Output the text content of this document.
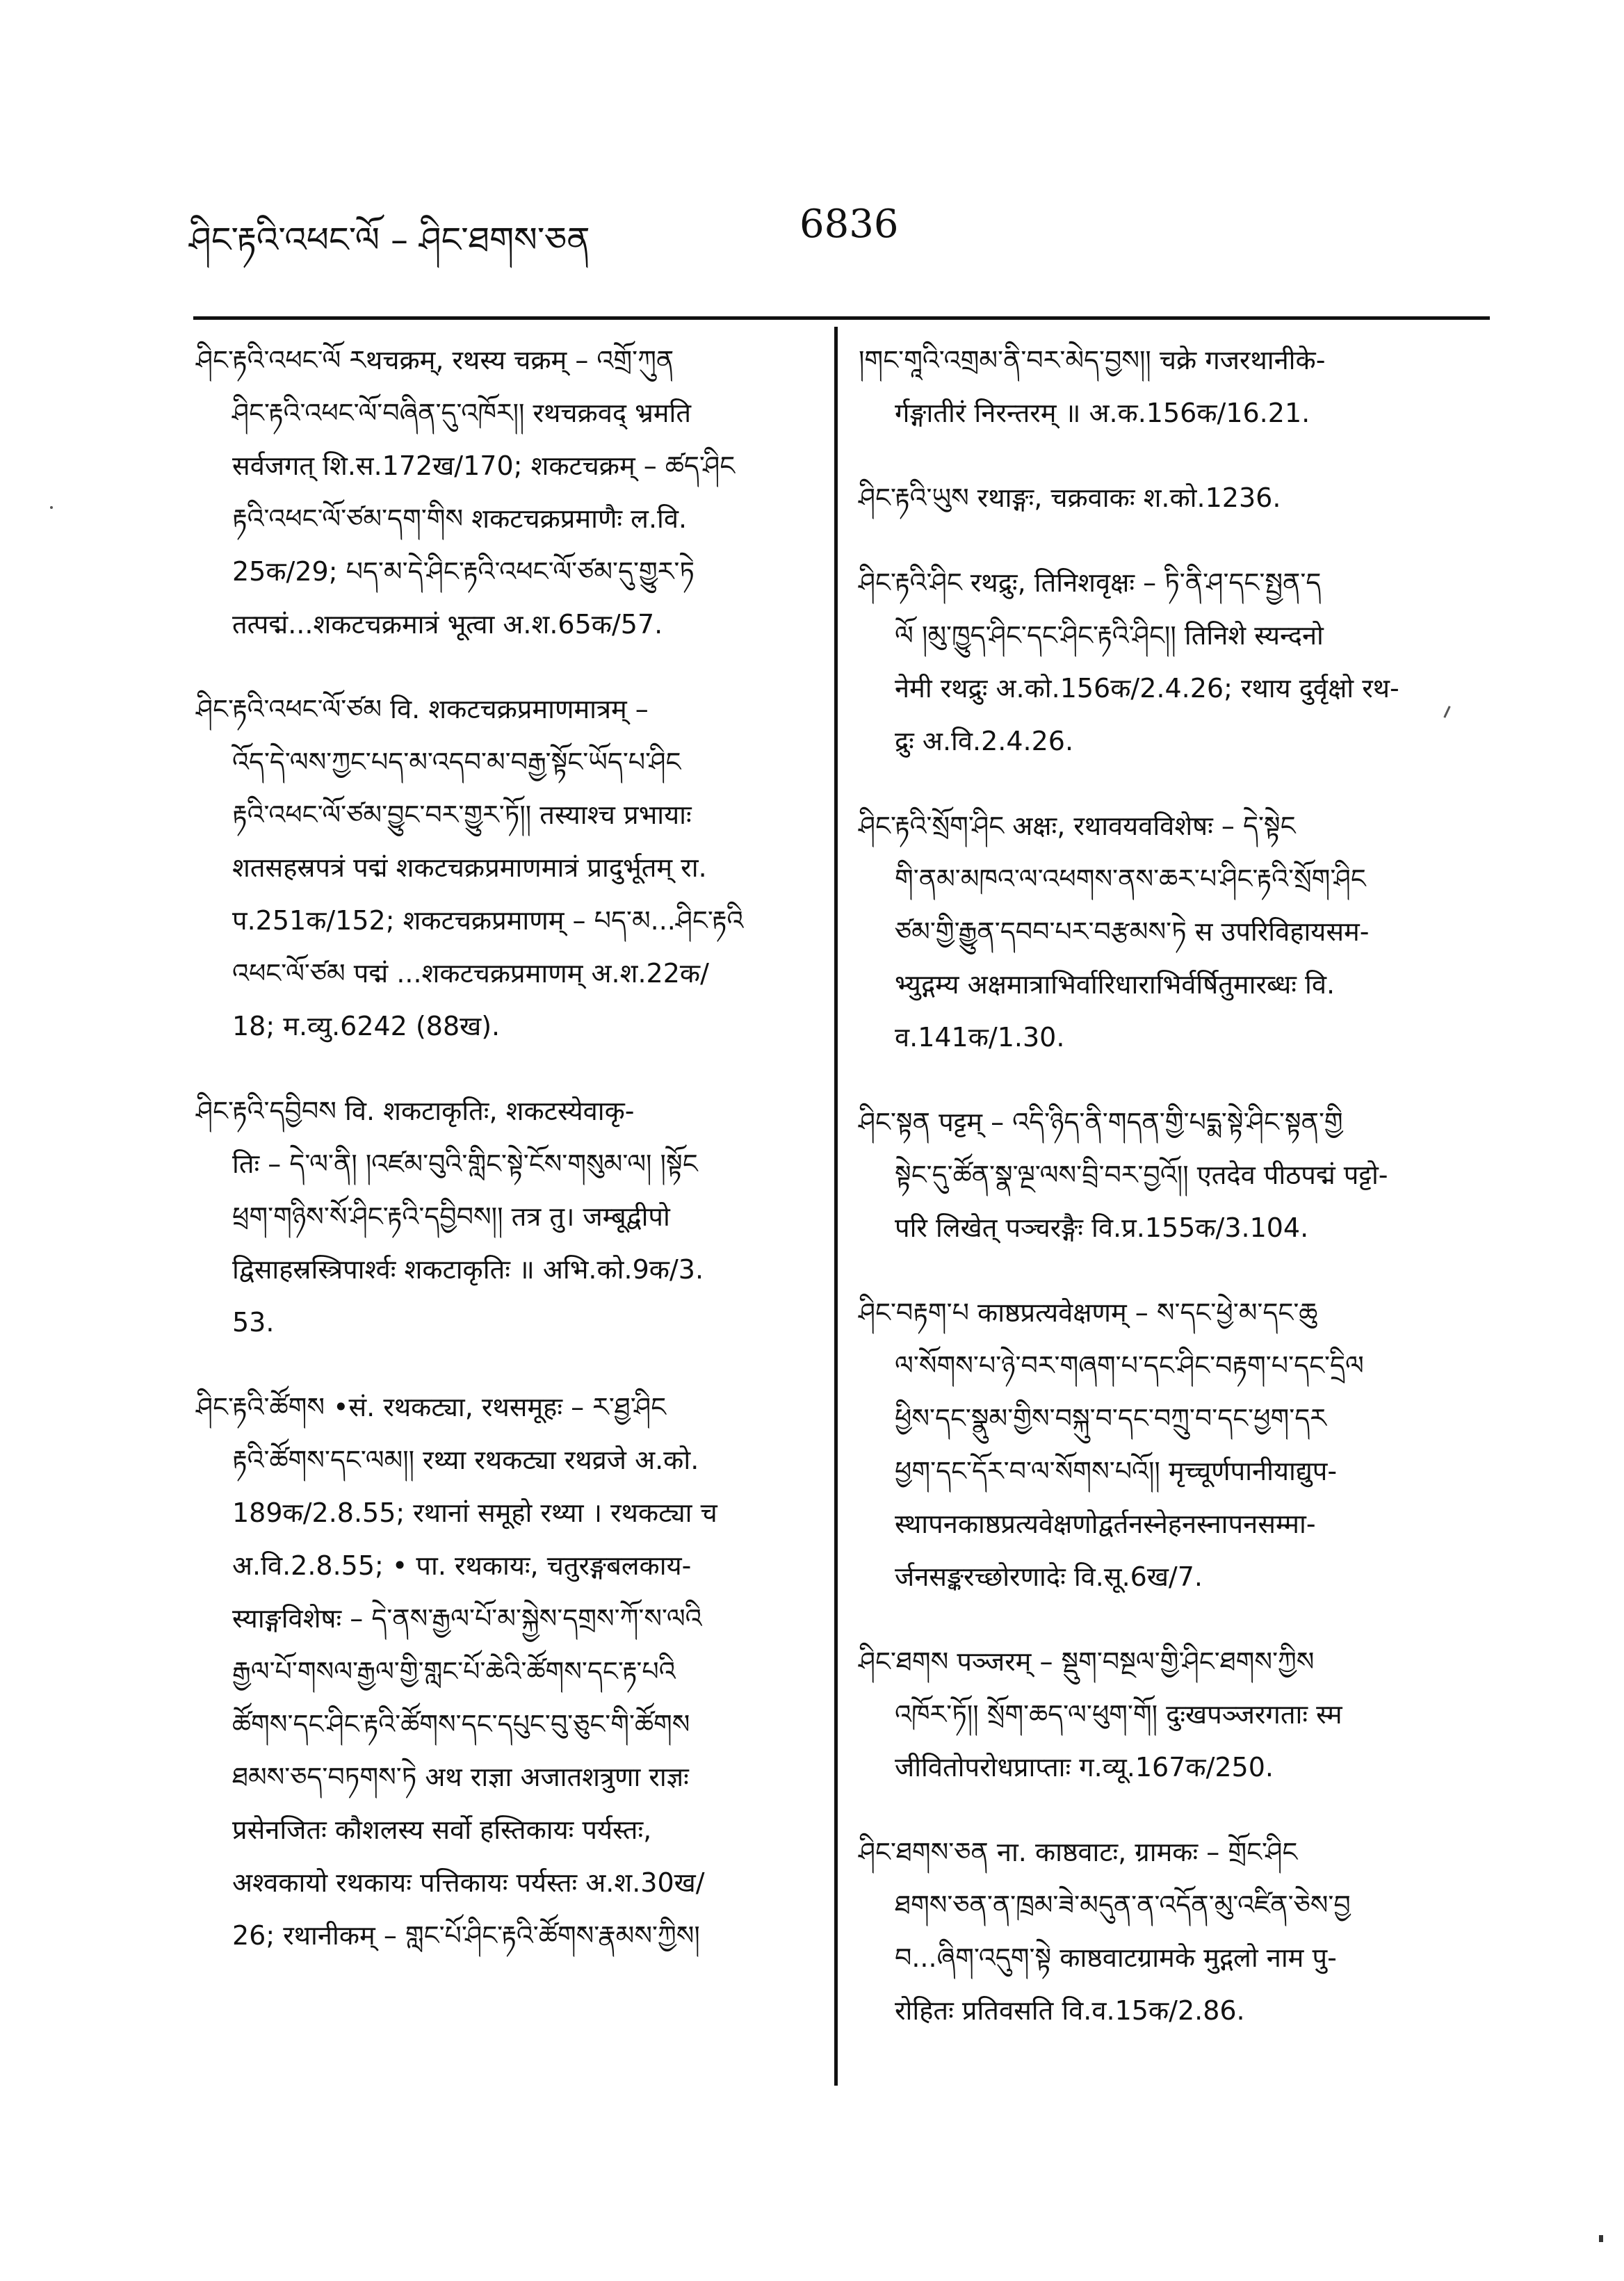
ཤིང་རྟའི་འཕང་ལོ – ཤིང་ཐགས་ཅན	6836
ཤིང་རྟའི་འཕང་ལོ རथचक्रम्, रथस्य चक्रम् – འགྲོ་ཀུན
ཤིང་རྟའི་འཕང་ལོ་བཞིན་དུ་འཁོར།། रथचक्रवद् भ्रमति
सर्वजगत् शि.स.172ख/170; शकटचक्रम् – ཚད་ཤིང
རྟའི་འཕང་ལོ་ཙམ་དག་གིས शकटचक्रप्रमाणैः ल.वि.
25क/29; པད་མ་དེ་ཤིང་རྟའི་འཕང་ལོ་ཙམ་དུ་གྱུར་ཏེ
तत्पद्मं...शकटचक्रमात्रं भूत्वा अ.श.65क/57.
ཤིང་རྟའི་འཕང་ལོ་ཙམ वि. शकटचक्रप्रमाणमात्रम् –
འོད་དེ་ལས་ཀྱང་པད་མ་འདབ་མ་བརྒྱ་སྟོང་ཡོད་པ་ཤིང
རྟའི་འཕང་ལོ་ཙམ་བྱུང་བར་གྱུར་ཏོ།། तस्याश्च प्रभायाः
शतसहस्रपत्रं पद्मं शकटचक्रप्रमाणमात्रं प्रादुर्भूतम् रा.
प.251क/152; शकटचक्रप्रमाणम् – པད་མ...ཤིང་རྟའི
འཕང་ལོ་ཙམ पद्मं ...शकटचक्रप्रमाणम् अ.श.22क/
18; म.व्यु.6242 (88ख).
ཤིང་རྟའི་དབྱིབས वि. शकटाकृतिः, शकटस्येवाकृ-
तिः – དེ་ལ་ནི། །འཛམ་བུའི་གླིང་སྟེ་ངོས་གསུམ་ལ། །སྟོང
ཕྲག་གཉིས་སོ་ཤིང་རྟའི་དབྱིབས།། तत्र तु। जम्बूद्वीपो
द्विसाहस्रस्त्रिपार्श्वः शकटाकृतिः ॥ अभि.को.9क/3.
53.
ཤིང་རྟའི་ཚོགས •सं. रथकट्या, रथसमूहः – ར་ཐྱ་ཤིང
རྟའི་ཚོགས་དང་ལམ།། रथ्या रथकट्या रथव्रजे अ.को.
189क/2.8.55; रथानां समूहो रथ्या । रथकट्या च
अ.वि.2.8.55; • पा. रथकायः, चतुरङ्गबलकाय-
स्याङ्गविशेषः – དེ་ནས་རྒྱལ་པོ་མ་སྐྱེས་དགྲས་ཀོ་ས་ལའི
རྒྱལ་པོ་གསལ་རྒྱལ་གྱི་གླང་པོ་ཆེའི་ཚོགས་དང་རྟ་པའི
ཚོགས་དང་ཤིང་རྟའི་ཚོགས་དང་དཔུང་བུ་ཅུང་གི་ཚོགས
ཐམས་ཅད་བཏགས་ཏེ अथ राज्ञा अजातशत्रुणा राज्ञः
प्रसेनजितः कौशलस्य सर्वो हस्तिकायः पर्यस्तः,
अश्वकायो रथकायः पत्तिकायः पर्यस्तः अ.श.30ख/
26; रथानीकम् – གླང་པོ་ཤིང་རྟའི་ཚོགས་རྣམས་ཀྱིས།
།གང་གཱའི་འགྲམ་ནི་བར་མེད་བྱས།། चक्रे गजरथानीके-
र्गङ्गातीरं निरन्तरम् ॥ अ.क.156क/16.21.
ཤིང་རྟའི་ཡུས रथाङ्गः, चक्रवाकः श.को.1236.
ཤིང་རྟའི་ཤིང रथद्रुः, तिनिशवृक्षः – ཏི་ནི་ཤ་དང་སྤྱན་ད
ལོ །མུ་ཁྱུད་ཤིང་དང་ཤིང་རྟའི་ཤིང།། तिनिशे स्यन्दनो
नेमी रथद्रुः अ.को.156क/2.4.26; रथाय दुर्वृक्षो रथ-
द्रुः अ.वि.2.4.26.
ཤིང་རྟའི་སྲོག་ཤིང अक्षः, रथावयवविशेषः – དེ་སྟེང
གི་ནམ་མཁའ་ལ་འཕགས་ནས་ཆར་པ་ཤིང་རྟའི་སྲོག་ཤིང
ཙམ་གྱི་རྒྱུན་དབབ་པར་བརྩམས་ཏེ स उपरिविहायसम-
भ्युद्गम्य अक्षमात्राभिर्वारिधाराभिर्वर्षितुमारब्धः वि.
व.141क/1.30.
ཤིང་སྟན पट्टम् – འདི་ཉིད་ནི་གདན་གྱི་པདྨ་སྟེ་ཤིང་སྟན་གྱི
སྟེང་དུ་ཚོན་སྣ་ལྔ་ལས་བྲི་བར་བྱའོ།། एतदेव पीठपद्मं पट्टो-
परि लिखेत् पञ्चरङ्गैः वि.प्र.155क/3.104.
ཤིང་བརྟག་པ काष्ठप्रत्यवेक्षणम् – ས་དང་ཕྱེ་མ་དང་ཆུ
ལ་སོགས་པ་ཉེ་བར་གཞག་པ་དང་ཤིང་བརྟག་པ་དང་དྲིལ
ཕྱིས་དང་སྣུམ་གྱིས་བསྐུ་བ་དང་བཀྲུ་བ་དང་ཕྱག་དར
ཕྱག་དང་དོར་བ་ལ་སོགས་པའོ།། मृच्चूर्णपानीयाद्युप-
स्थापनकाष्ठप्रत्यवेक्षणोद्वर्तनस्नेहनस्नापनसम्मा-
र्जनसङ्करच्छोरणादेः वि.सू.6ख/7.
ཤིང་ཐགས पञ्जरम् – སྡུག་བསྔལ་གྱི་ཤིང་ཐགས་ཀྱིས
འཁོར་ཏོ།། སྲོག་ཆད་ལ་ཕུག་གོ། दुःखपञ्जरगताः स्म
जीवितोपरोधप्राप्ताः ग.व्यू.167क/250.
ཤིང་ཐགས་ཅན ना. काष्ठवाटः, ग्रामकः – གྲོང་ཤིང
ཐགས་ཅན་ན་ཁྲམ་ཟེ་མདུན་ན་འདོན་མུ་འཛིན་ཅེས་བྱ
བ...ཞིག་འདུག་སྟེ काष्ठवाटग्रामके मुद्गलो नाम पु-
रोहितः प्रतिवसति वि.व.15क/2.86.
